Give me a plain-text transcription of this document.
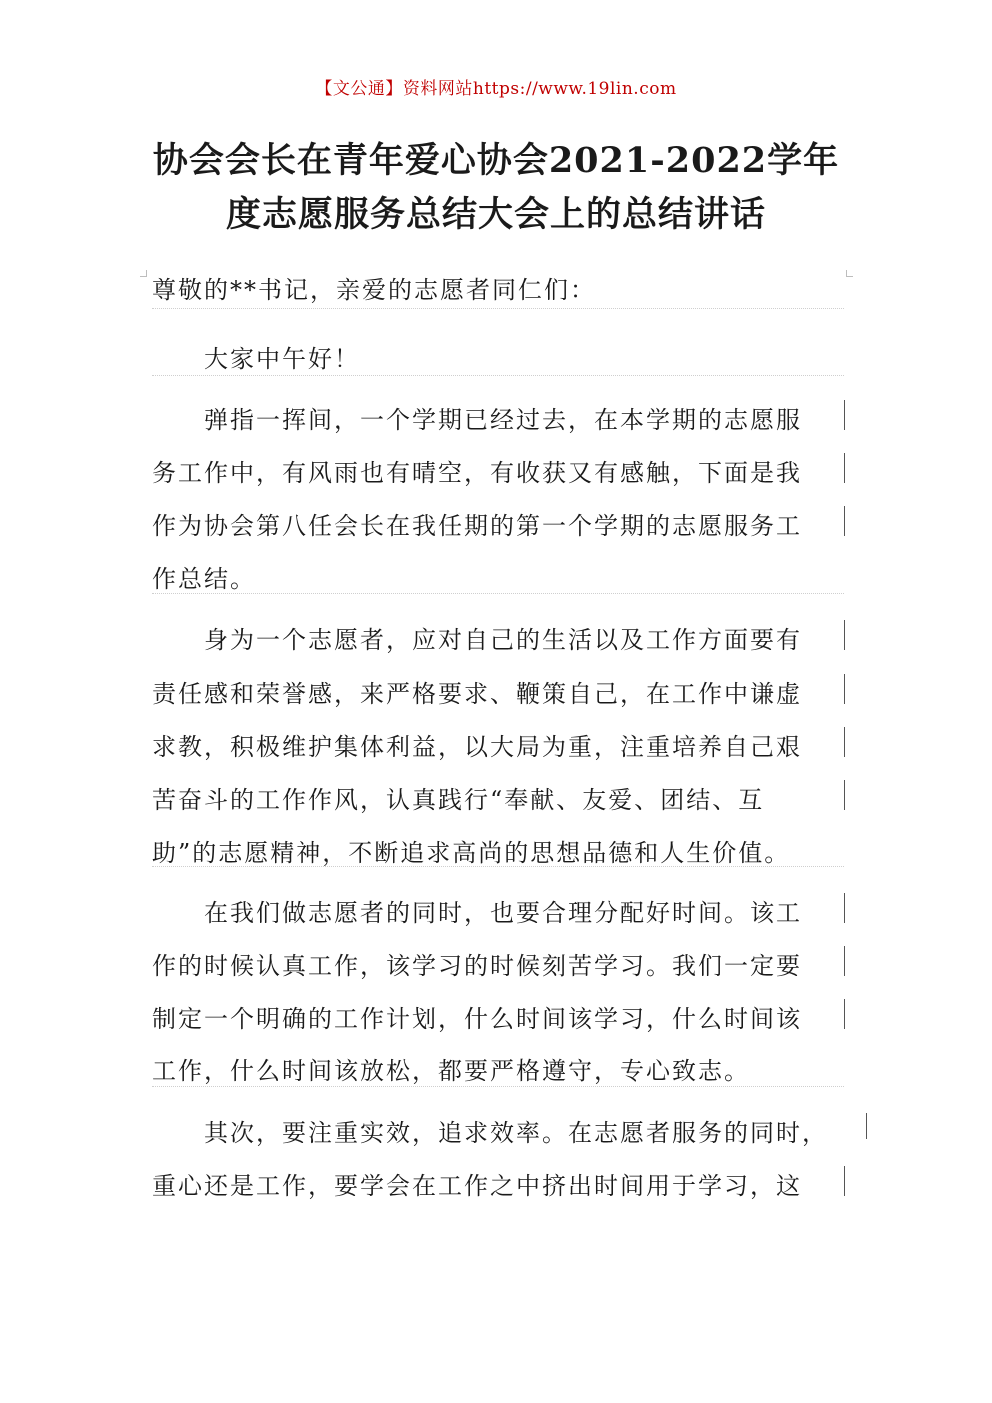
【文公通】资料网站https://www.19lin.com
协会会长在青年爱心协会2021-2022学年
度志愿服务总结大会上的总结讲话
尊敬的**书记，亲爱的志愿者同仁们：
大家中午好！
弹指一挥间，一个学期已经过去，在本学期的志愿服
务工作中，有风雨也有晴空，有收获又有感触，下面是我
作为协会第八任会长在我任期的第一个学期的志愿服务工
作总结。
身为一个志愿者，应对自己的生活以及工作方面要有
责任感和荣誉感，来严格要求、鞭策自己，在工作中谦虚
求教，积极维护集体利益，以大局为重，注重培养自己艰
苦奋斗的工作作风，认真践行“奉献、友爱、团结、互
助”的志愿精神，不断追求高尚的思想品德和人生价值。
在我们做志愿者的同时，也要合理分配好时间。该工
作的时候认真工作，该学习的时候刻苦学习。我们一定要
制定一个明确的工作计划，什么时间该学习，什么时间该
工作，什么时间该放松，都要严格遵守，专心致志。
其次，要注重实效，追求效率。在志愿者服务的同时，
重心还是工作，要学会在工作之中挤出时间用于学习，这
